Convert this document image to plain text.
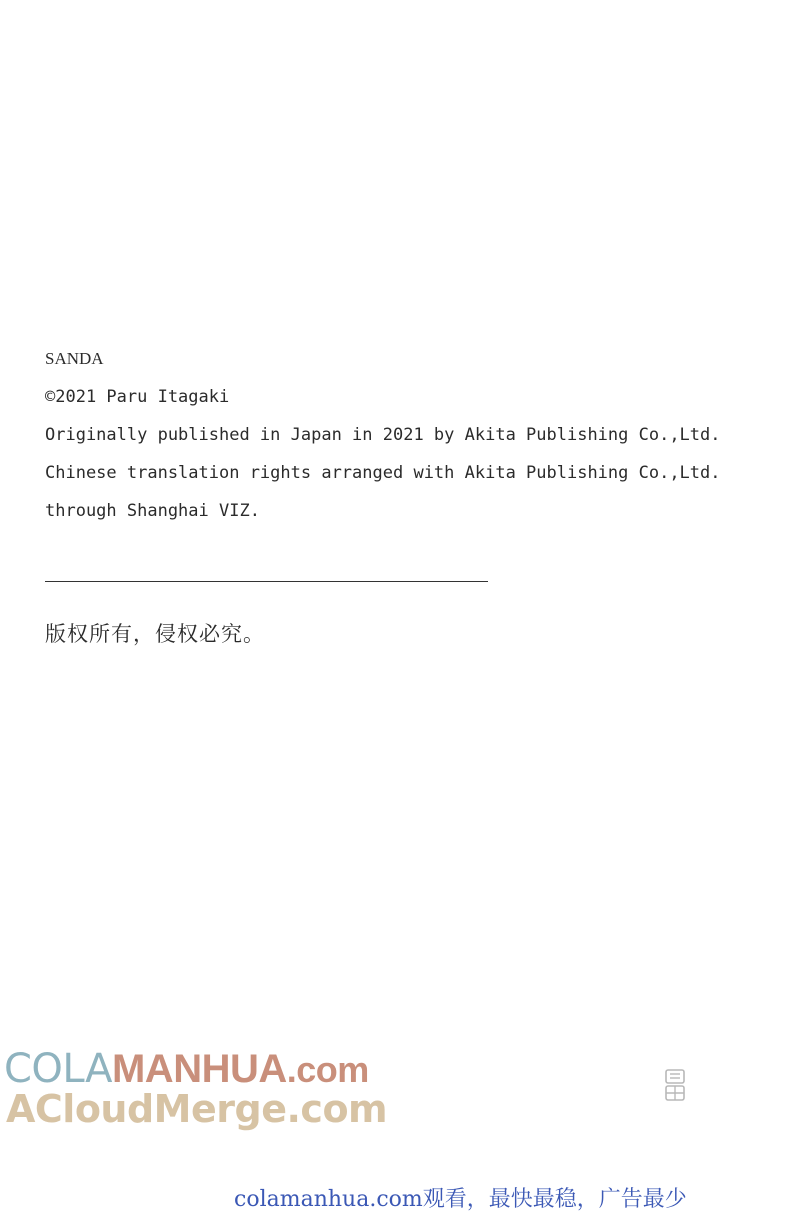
SANDA
©2021 Paru Itagaki
Originally published in Japan in 2021 by Akita Publishing Co.,Ltd.
Chinese translation rights arranged with Akita Publishing Co.,Ltd.
through Shanghai VIZ.
版权所有，侵权必究。
COLAMANHUA.com
ACloudMerge.com
colamanhua.com观看，最快最稳，广告最少
